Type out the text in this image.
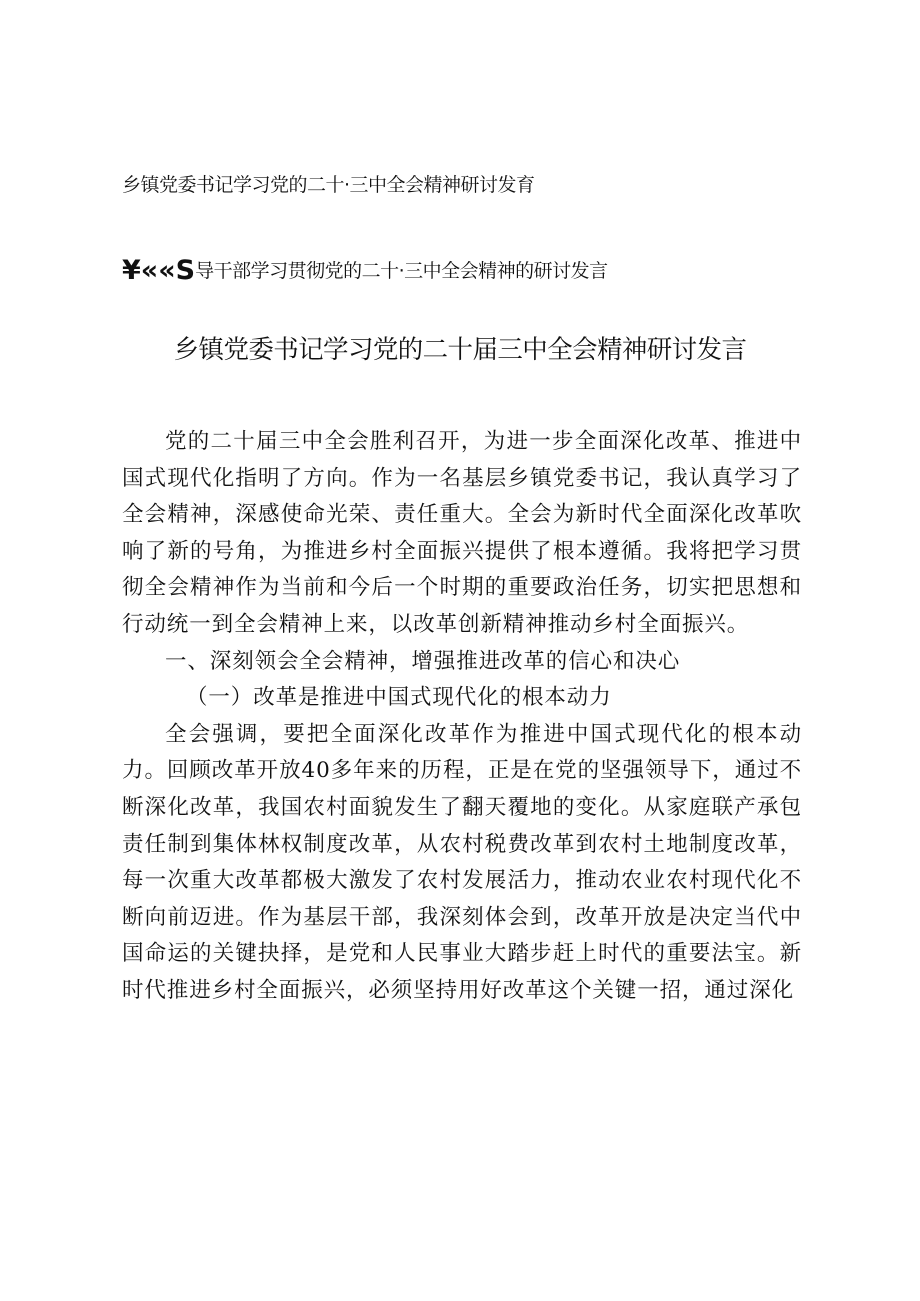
乡镇党委书记学习党的二十·三中全会精神研讨发育
¥««S导干部学习贯彻党的二十·三中全会精神的研讨发言
乡镇党委书记学习党的二十届三中全会精神研讨发言

党的二十届三中全会胜利召开，为进一步全面深化改革、推进中国式现代化指明了方向。作为一名基层乡镇党委书记，我认真学习了全会精神，深感使命光荣、责任重大。全会为新时代全面深化改革吹响了新的号角，为推进乡村全面振兴提供了根本遵循。我将把学习贯彻全会精神作为当前和今后一个时期的重要政治任务，切实把思想和行动统一到全会精神上来，以改革创新精神推动乡村全面振兴。

一、深刻领会全会精神，增强推进改革的信心和决心

（一）改革是推进中国式现代化的根本动力

全会强调，要把全面深化改革作为推进中国式现代化的根本动力。回顾改革开放40多年来的历程，正是在党的坚强领导下，通过不断深化改革，我国农村面貌发生了翻天覆地的变化。从家庭联产承包责任制到集体林权制度改革，从农村税费改革到农村土地制度改革，每一次重大改革都极大激发了农村发展活力，推动农业农村现代化不断向前迈进。作为基层干部，我深刻体会到，改革开放是决定当代中国命运的关键抉择，是党和人民事业大踏步赶上时代的重要法宝。新时代推进乡村全面振兴，必须坚持用好改革这个关键一招，通过深化
